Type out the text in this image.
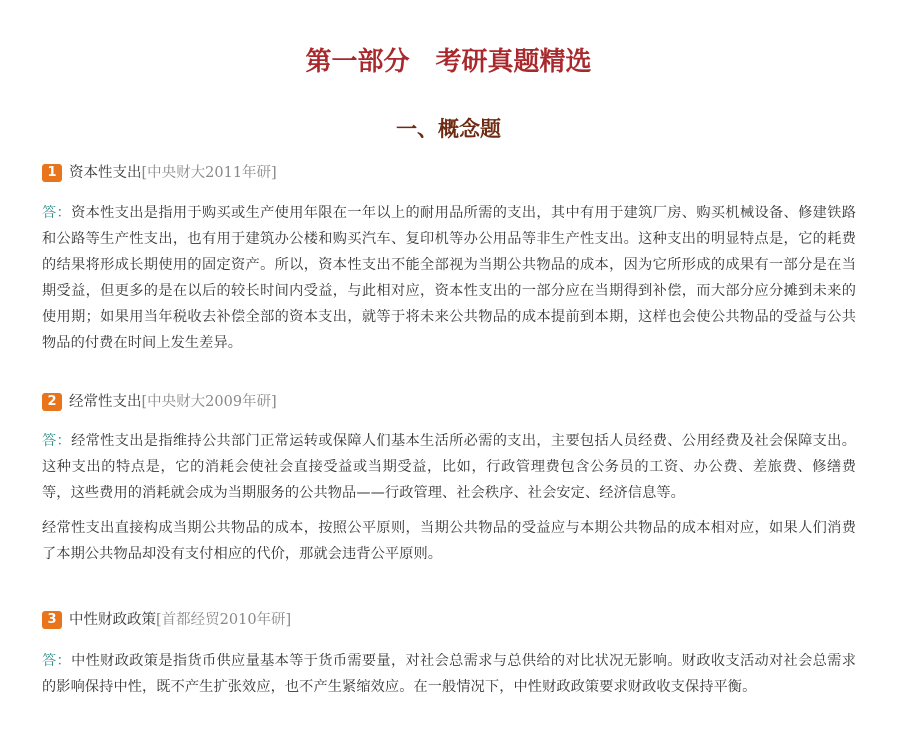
第一部分　考研真题精选
一、概念题
1 资本性支出[中央财大2011年研]
答：资本性支出是指用于购买或生产使用年限在一年以上的耐用品所需的支出，其中有用于建筑厂房、购买机械设备、修建铁路和公路等生产性支出，也有用于建筑办公楼和购买汽车、复印机等办公用品等非生产性支出。这种支出的明显特点是，它的耗费的结果将形成长期使用的固定资产。所以，资本性支出不能全部视为当期公共物品的成本，因为它所形成的成果有一部分是在当期受益，但更多的是在以后的较长时间内受益，与此相对应，资本性支出的一部分应在当期得到补偿，而大部分应分摊到未来的使用期；如果用当年税收去补偿全部的资本支出，就等于将未来公共物品的成本提前到本期，这样也会使公共物品的受益与公共物品的付费在时间上发生差异。
2 经常性支出[中央财大2009年研]
答：经常性支出是指维持公共部门正常运转或保障人们基本生活所必需的支出，主要包括人员经费、公用经费及社会保障支出。这种支出的特点是，它的消耗会使社会直接受益或当期受益，比如，行政管理费包含公务员的工资、办公费、差旅费、修缮费等，这些费用的消耗就会成为当期服务的公共物品——行政管理、社会秩序、社会安定、经济信息等。
经常性支出直接构成当期公共物品的成本，按照公平原则，当期公共物品的受益应与本期公共物品的成本相对应，如果人们消费了本期公共物品却没有支付相应的代价，那就会违背公平原则。
3 中性财政政策[首都经贸2010年研]
答：中性财政政策是指货币供应量基本等于货币需要量，对社会总需求与总供给的对比状况无影响。财政收支活动对社会总需求的影响保持中性，既不产生扩张效应，也不产生紧缩效应。在一般情况下，中性财政政策要求财政收支保持平衡。
